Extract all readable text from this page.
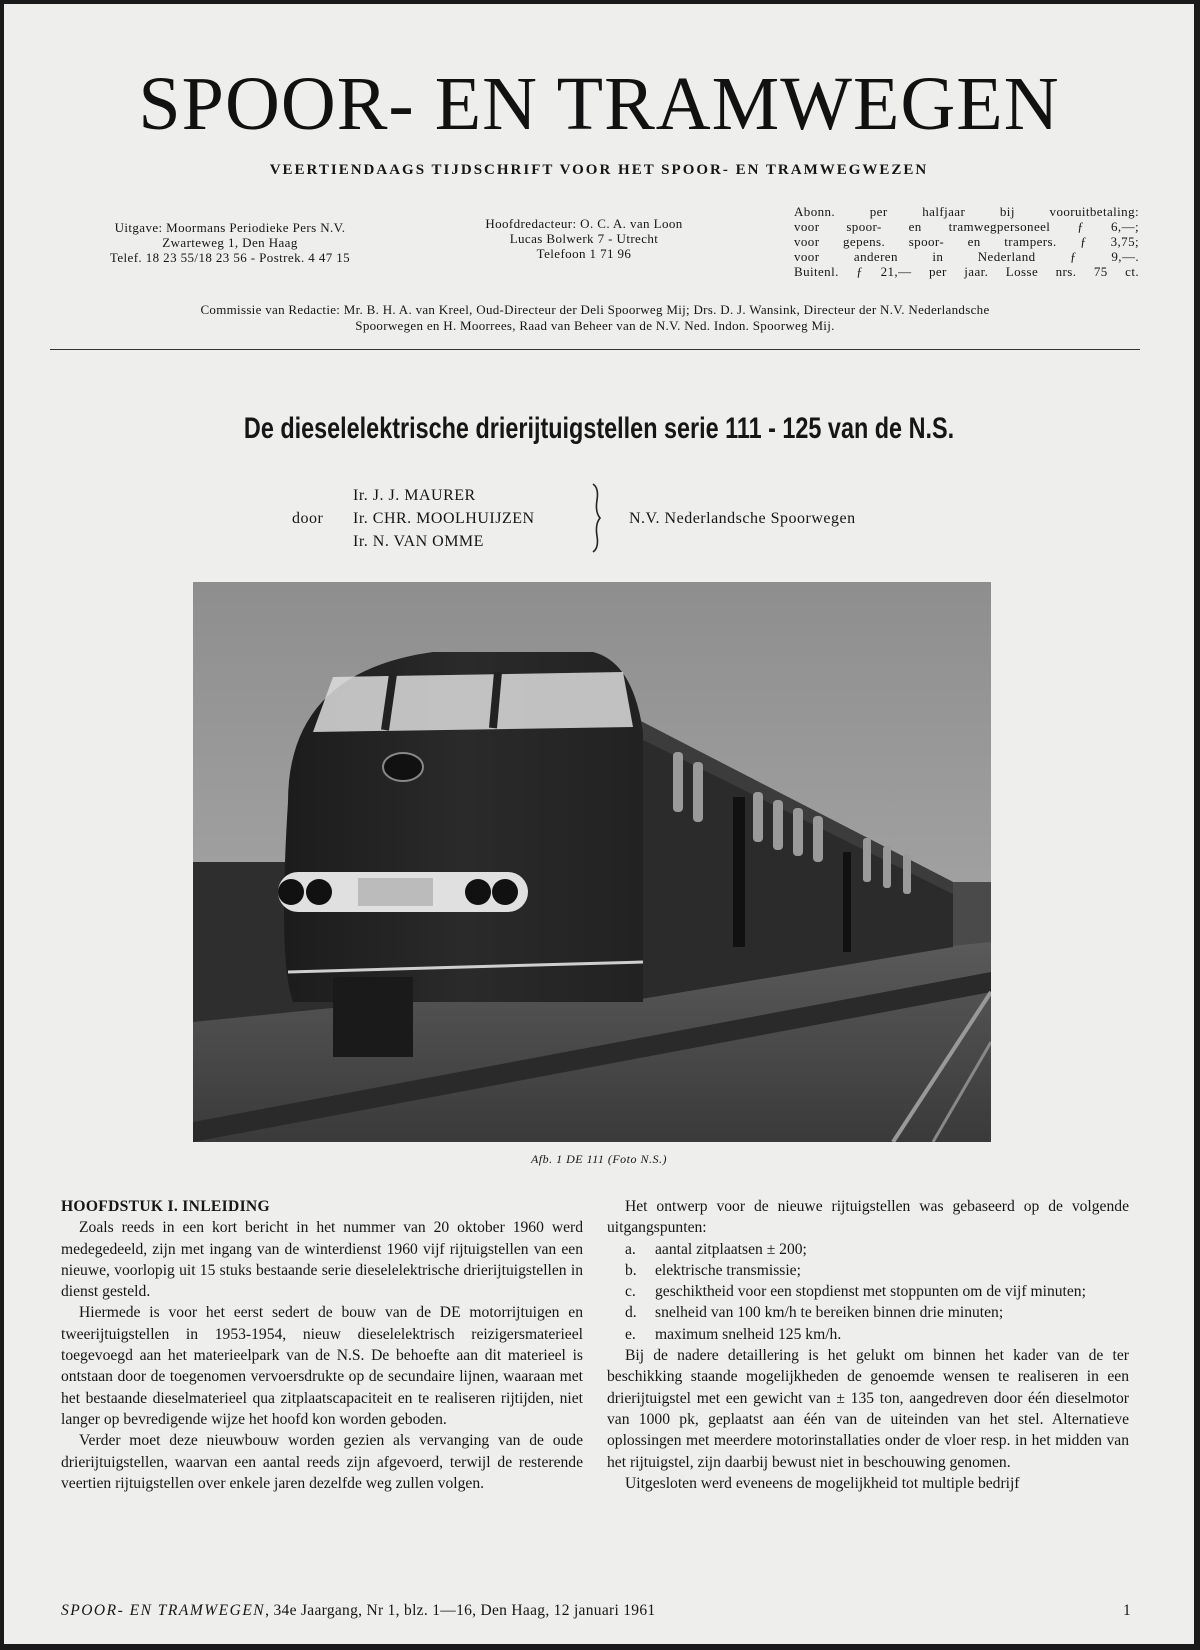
SPOOR- EN TRAMWEGEN
VEERTIENDAAGS TIJDSCHRIFT VOOR HET SPOOR- EN TRAMWEGWEZEN
Uitgave: Moormans Periodieke Pers N.V.
Zwarteweg 1, Den Haag
Telef. 18 23 55/18 23 56 - Postrek. 4 47 15
Hoofdredacteur: O. C. A. van Loon
Lucas Bolwerk 7 - Utrecht
Telefoon 1 71 96
Abonn. per halfjaar bij vooruitbetaling:
voor spoor- en tramwegpersoneel ƒ 6,—;
voor gepens. spoor- en trampers. ƒ 3,75;
voor anderen in Nederland ƒ 9,—.
Buitenl. ƒ 21,— per jaar. Losse nrs. 75 ct.
Commissie van Redactie: Mr. B. H. A. van Kreel, Oud-Directeur der Deli Spoorweg Mij; Drs. D. J. Wansink, Directeur der N.V. Nederlandsche
Spoorwegen en H. Moorrees, Raad van Beheer van de N.V. Ned. Indon. Spoorweg Mij.
De dieselelektrische drierijtuigstellen serie 111 - 125 van de N.S.
door
Ir. J. J. MAURER
Ir. CHR. MOOLHUIJZEN
Ir. N. VAN OMME
N.V. Nederlandsche Spoorwegen
Afb. 1 DE 111 (Foto N.S.)

HOOFDSTUK I. INLEIDING

Zoals reeds in een kort bericht in het nummer van 20 oktober 1960 werd medegedeeld, zijn met ingang van de winterdienst 1960 vijf rijtuigstellen van een nieuwe, voorlopig uit 15 stuks bestaande serie dieselelektrische drierijtuigstellen in dienst gesteld.

Hiermede is voor het eerst sedert de bouw van de DE motorrijtuigen en tweerijtuigstellen in 1953-1954, nieuw dieselelektrisch reizigersmaterieel toegevoegd aan het materieelpark van de N.S. De behoefte aan dit materieel is ontstaan door de toegenomen vervoersdrukte op de secundaire lijnen, waaraan met het bestaande dieselmaterieel qua zitplaatscapaciteit en te realiseren rijtijden, niet langer op bevredigende wijze het hoofd kon worden geboden.

Verder moet deze nieuwbouw worden gezien als vervanging van de oude drierijtuigstellen, waarvan een aantal reeds zijn afgevoerd, terwijl de resterende veertien rijtuigstellen over enkele jaren dezelfde weg zullen volgen.

Het ontwerp voor de nieuwe rijtuigstellen was gebaseerd op de volgende uitgangspunten:

a.	aantal zitplaatsen ± 200;
b.	elektrische transmissie;
c.	geschiktheid voor een stopdienst met stoppunten om de vijf minuten;
d.	snelheid van 100 km/h te bereiken binnen drie minuten;
e.	maximum snelheid 125 km/h.

Bij de nadere detaillering is het gelukt om binnen het kader van de ter beschikking staande mogelijkheden de genoemde wensen te realiseren in een drierijtuigstel met een gewicht van ± 135 ton, aangedreven door één dieselmotor van 1000 pk, geplaatst aan één van de uiteinden van het stel. Alternatieve oplossingen met meerdere motorinstallaties onder de vloer resp. in het midden van het rijtuigstel, zijn daarbij bewust niet in beschouwing genomen.

Uitgesloten werd eveneens de mogelijkheid tot multiple bedrijf

SPOOR- EN TRAMWEGEN, 34e Jaargang, Nr 1, blz. 1—16, Den Haag, 12 januari 1961	1
